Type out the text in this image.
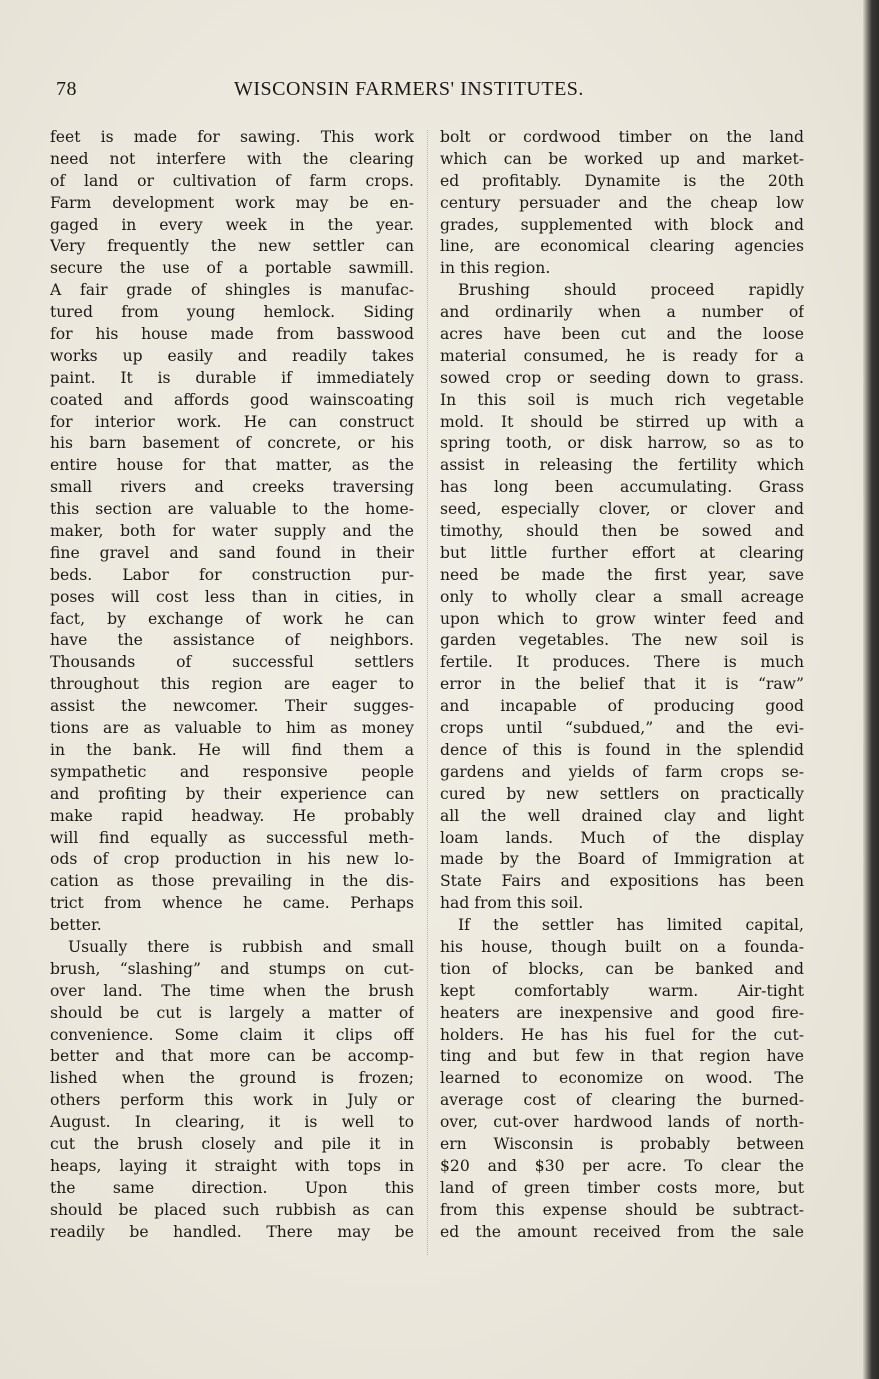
78	WISCONSIN FARMERS' INSTITUTES.
feet is made for sawing. This work
need not interfere with the clearing
of land or cultivation of farm crops.
Farm development work may be en-
gaged in every week in the year.
Very frequently the new settler can
secure the use of a portable sawmill.
A fair grade of shingles is manufac-
tured from young hemlock. Siding
for his house made from basswood
works up easily and readily takes
paint. It is durable if immediately
coated and affords good wainscoating
for interior work. He can construct
his barn basement of concrete, or his
entire house for that matter, as the
small rivers and creeks traversing
this section are valuable to the home-
maker, both for water supply and the
fine gravel and sand found in their
beds. Labor for construction pur-
poses will cost less than in cities, in
fact, by exchange of work he can
have the assistance of neighbors.
Thousands of successful settlers
throughout this region are eager to
assist the newcomer. Their sugges-
tions are as valuable to him as money
in the bank. He will find them a
sympathetic and responsive people
and profiting by their experience can
make rapid headway. He probably
will find equally as successful meth-
ods of crop production in his new lo-
cation as those prevailing in the dis-
trict from whence he came. Perhaps
better.
Usually there is rubbish and small
brush, “slashing” and stumps on cut-
over land. The time when the brush
should be cut is largely a matter of
convenience. Some claim it clips off
better and that more can be accomp-
lished when the ground is frozen;
others perform this work in July or
August. In clearing, it is well to
cut the brush closely and pile it in
heaps, laying it straight with tops in
the same direction. Upon this
should be placed such rubbish as can
readily be handled. There may be
bolt or cordwood timber on the land
which can be worked up and market-
ed profitably. Dynamite is the 20th
century persuader and the cheap low
grades, supplemented with block and
line, are economical clearing agencies
in this region.
Brushing should proceed rapidly
and ordinarily when a number of
acres have been cut and the loose
material consumed, he is ready for a
sowed crop or seeding down to grass.
In this soil is much rich vegetable
mold. It should be stirred up with a
spring tooth, or disk harrow, so as to
assist in releasing the fertility which
has long been accumulating. Grass
seed, especially clover, or clover and
timothy, should then be sowed and
but little further effort at clearing
need be made the first year, save
only to wholly clear a small acreage
upon which to grow winter feed and
garden vegetables. The new soil is
fertile. It produces. There is much
error in the belief that it is “raw”
and incapable of producing good
crops until “subdued,” and the evi-
dence of this is found in the splendid
gardens and yields of farm crops se-
cured by new settlers on practically
all the well drained clay and light
loam lands. Much of the display
made by the Board of Immigration at
State Fairs and expositions has been
had from this soil.
If the settler has limited capital,
his house, though built on a founda-
tion of blocks, can be banked and
kept comfortably warm. Air-tight
heaters are inexpensive and good fire-
holders. He has his fuel for the cut-
ting and but few in that region have
learned to economize on wood. The
average cost of clearing the burned-
over, cut-over hardwood lands of north-
ern Wisconsin is probably between
$20 and $30 per acre. To clear the
land of green timber costs more, but
from this expense should be subtract-
ed the amount received from the sale
